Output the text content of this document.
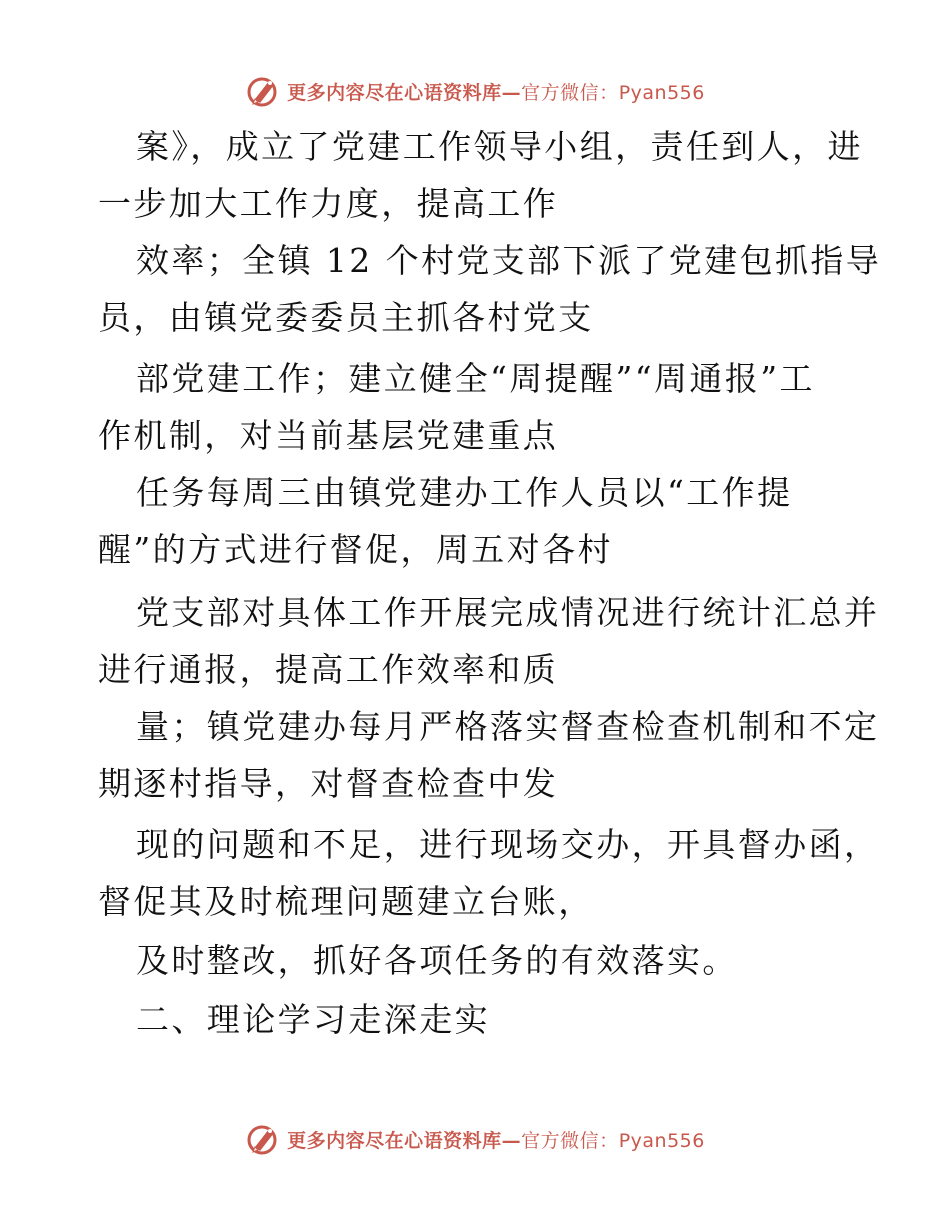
更多内容尽在心语资料库—官方微信：Pyan556
案》，成立了党建工作领导小组，责任到人，进
一步加大工作力度，提高工作
效率；全镇 12 个村党支部下派了党建包抓指导
员，由镇党委委员主抓各村党支
部党建工作；建立健全“周提醒”“周通报”工
作机制，对当前基层党建重点
任务每周三由镇党建办工作人员以“工作提
醒”的方式进行督促，周五对各村
党支部对具体工作开展完成情况进行统计汇总并
进行通报，提高工作效率和质
量；镇党建办每月严格落实督查检查机制和不定
期逐村指导，对督查检查中发
现的问题和不足，进行现场交办，开具督办函，
督促其及时梳理问题建立台账，
及时整改，抓好各项任务的有效落实。
二、理论学习走深走实
更多内容尽在心语资料库—官方微信：Pyan556
